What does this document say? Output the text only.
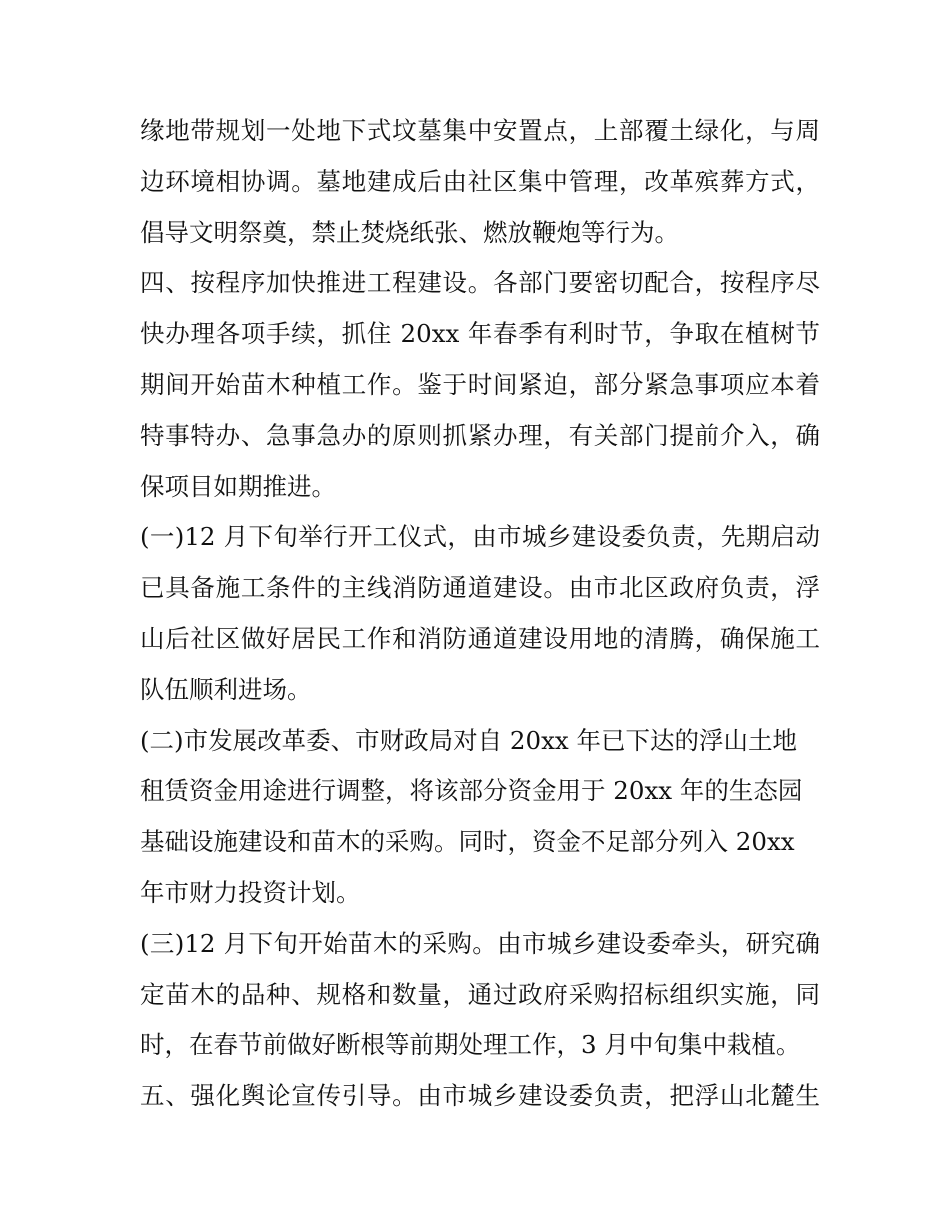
缘地带规划一处地下式坟墓集中安置点，上部覆土绿化，与周
边环境相协调。墓地建成后由社区集中管理，改革殡葬方式，
倡导文明祭奠，禁止焚烧纸张、燃放鞭炮等行为。
四、按程序加快推进工程建设。各部门要密切配合，按程序尽
快办理各项手续，抓住 20xx 年春季有利时节，争取在植树节
期间开始苗木种植工作。鉴于时间紧迫，部分紧急事项应本着
特事特办、急事急办的原则抓紧办理，有关部门提前介入，确
保项目如期推进。
(一)12 月下旬举行开工仪式，由市城乡建设委负责，先期启动
已具备施工条件的主线消防通道建设。由市北区政府负责，浮
山后社区做好居民工作和消防通道建设用地的清腾，确保施工
队伍顺利进场。
(二)市发展改革委、市财政局对自 20xx 年已下达的浮山土地
租赁资金用途进行调整，将该部分资金用于 20xx 年的生态园
基础设施建设和苗木的采购。同时，资金不足部分列入 20xx
年市财力投资计划。
(三)12 月下旬开始苗木的采购。由市城乡建设委牵头，研究确
定苗木的品种、规格和数量，通过政府采购招标组织实施，同
时，在春节前做好断根等前期处理工作，3 月中旬集中栽植。
五、强化舆论宣传引导。由市城乡建设委负责，把浮山北麓生
